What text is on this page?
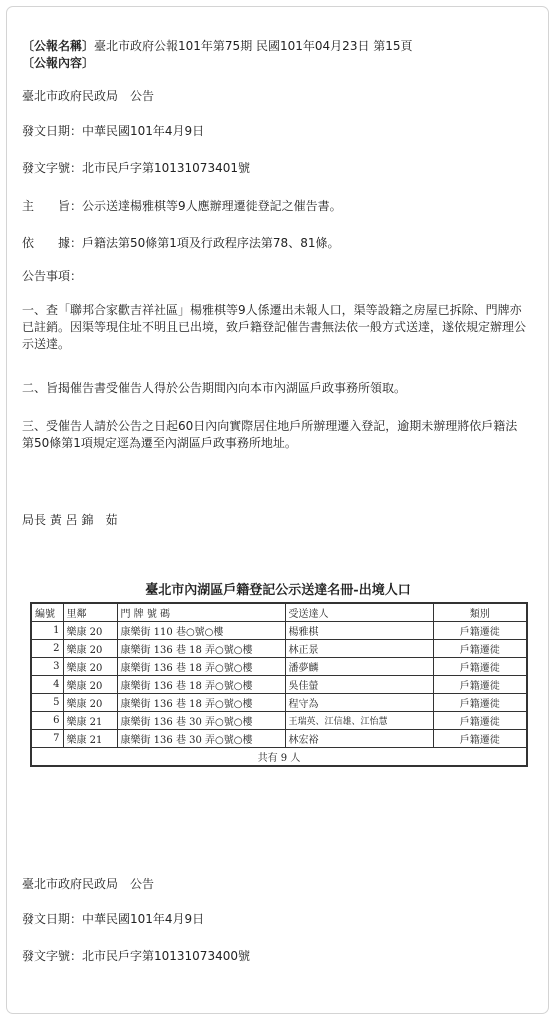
〔公報名稱〕臺北市政府公報101年第75期 民國101年04月23日 第15頁

〔公報內容〕

臺北市政府民政局　公告

發文日期：中華民國101年4月9日

發文字號：北市民戶字第10131073401號

主　　旨：公示送達楊雅棋等9人應辦理遷徙登記之催告書。

依　　據：戶籍法第50條第1項及行政程序法第78、81條。

公告事項：

一、查「聯邦合家歡吉祥社區」楊雅棋等9人係遷出未報人口，渠等設籍之房屋已拆除、門牌亦已註銷。因渠等現住址不明且已出境，致戶籍登記催告書無法依一般方式送達，遂依規定辦理公示送達。

二、旨揭催告書受催告人得於公告期間內向本市內湖區戶政事務所領取。

三、受催告人請於公告之日起60日內向實際居住地戶所辦理遷入登記，逾期未辦理將依戶籍法第50條第1項規定逕為遷至內湖區戶政事務所地址。

局長 黃 呂 錦　茹

臺北市內湖區戶籍登記公示送達名冊-出境人口
編號	里鄰	門 牌 號 碼	受送達人	類別
1	樂康 20	康樂街 110 巷○號○樓	楊雅棋	戶籍遷徙
2	樂康 20	康樂街 136 巷 18 弄○號○樓	林正景	戶籍遷徙
3	樂康 20	康樂街 136 巷 18 弄○號○樓	潘夢麟	戶籍遷徙
4	樂康 20	康樂街 136 巷 18 弄○號○樓	吳佳螢	戶籍遷徙
5	樂康 20	康樂街 136 巷 18 弄○號○樓	程守為	戶籍遷徙
6	樂康 21	康樂街 136 巷 30 弄○號○樓	王瑞英、江信雄、江怡慧	戶籍遷徙
7	樂康 21	康樂街 136 巷 30 弄○號○樓	林宏裕	戶籍遷徙
共有 9 人				

臺北市政府民政局　公告

發文日期：中華民國101年4月9日

發文字號：北市民戶字第10131073400號
